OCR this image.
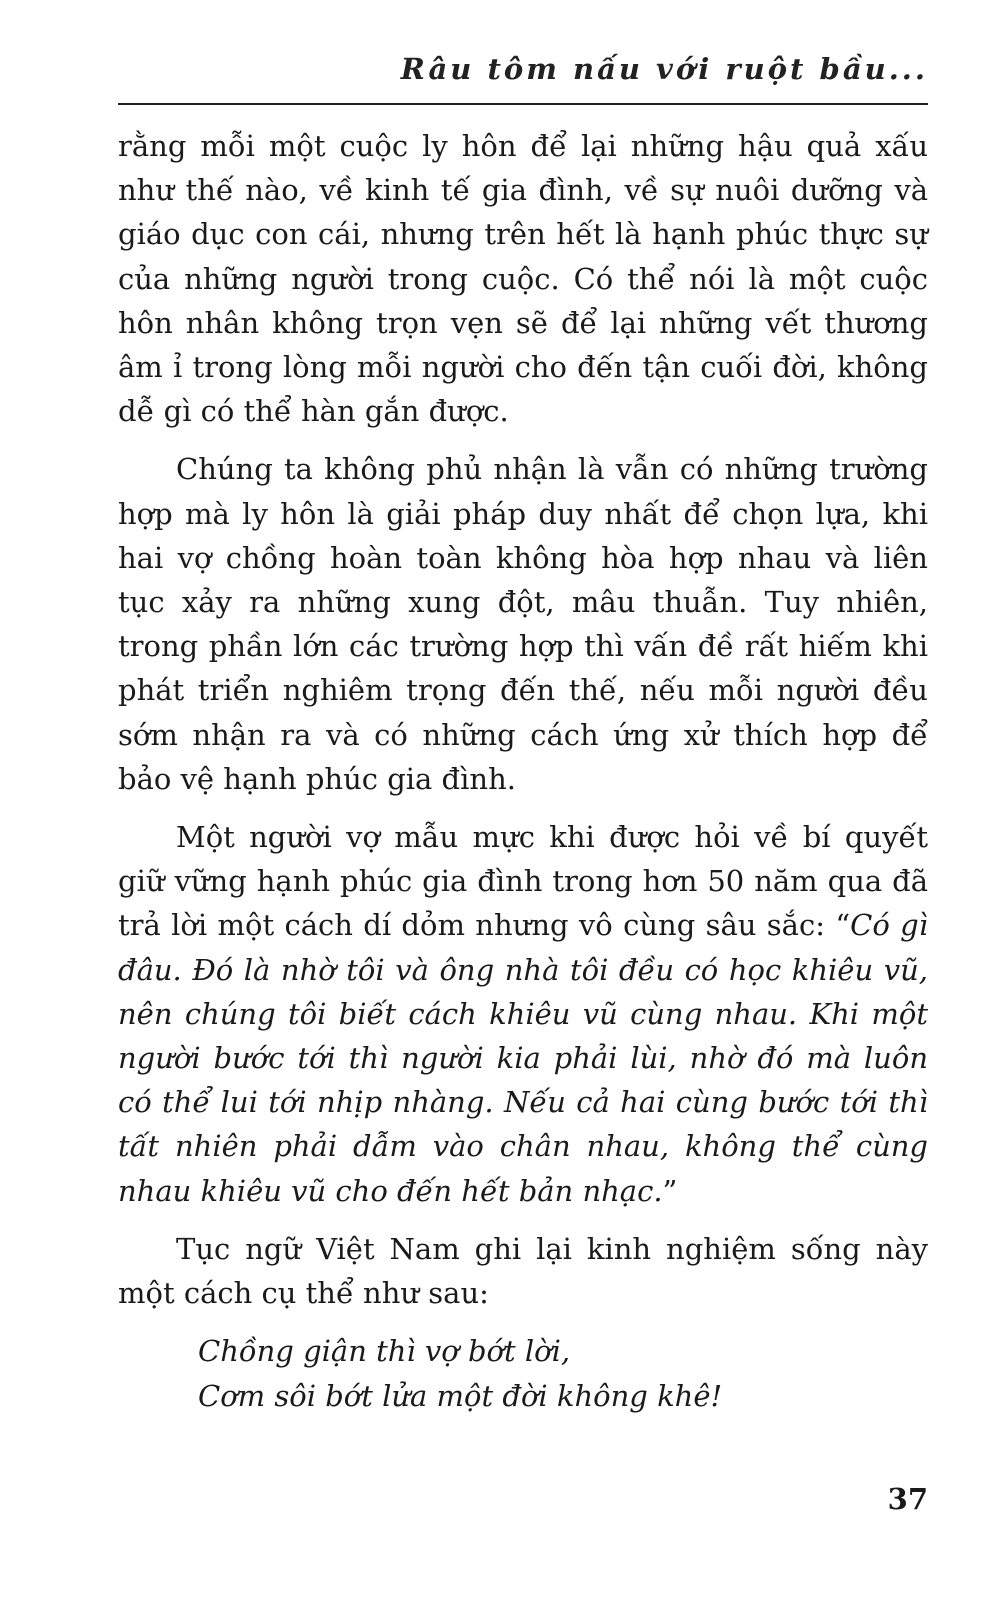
Râu tôm nấu với ruột bầu...

rằng mỗi một cuộc ly hôn để lại những hậu quả xấu như thế nào, về kinh tế gia đình, về sự nuôi dưỡng và giáo dục con cái, nhưng trên hết là hạnh phúc thực sự của những người trong cuộc. Có thể nói là một cuộc hôn nhân không trọn vẹn sẽ để lại những vết thương âm ỉ trong lòng mỗi người cho đến tận cuối đời, không dễ gì có thể hàn gắn được.

Chúng ta không phủ nhận là vẫn có những trường hợp mà ly hôn là giải pháp duy nhất để chọn lựa, khi hai vợ chồng hoàn toàn không hòa hợp nhau và liên tục xảy ra những xung đột, mâu thuẫn. Tuy nhiên, trong phần lớn các trường hợp thì vấn đề rất hiếm khi phát triển nghiêm trọng đến thế, nếu mỗi người đều sớm nhận ra và có những cách ứng xử thích hợp để bảo vệ hạnh phúc gia đình.

Một người vợ mẫu mực khi được hỏi về bí quyết giữ vững hạnh phúc gia đình trong hơn 50 năm qua đã trả lời một cách dí dỏm nhưng vô cùng sâu sắc: “Có gì đâu. Đó là nhờ tôi và ông nhà tôi đều có học khiêu vũ, nên chúng tôi biết cách khiêu vũ cùng nhau. Khi một người bước tới thì người kia phải lùi, nhờ đó mà luôn có thể lui tới nhịp nhàng. Nếu cả hai cùng bước tới thì tất nhiên phải dẫm vào chân nhau, không thể cùng nhau khiêu vũ cho đến hết bản nhạc.”

Tục ngữ Việt Nam ghi lại kinh nghiệm sống này một cách cụ thể như sau:

Chồng giận thì vợ bớt lời,
Cơm sôi bớt lửa một đời không khê!
37
